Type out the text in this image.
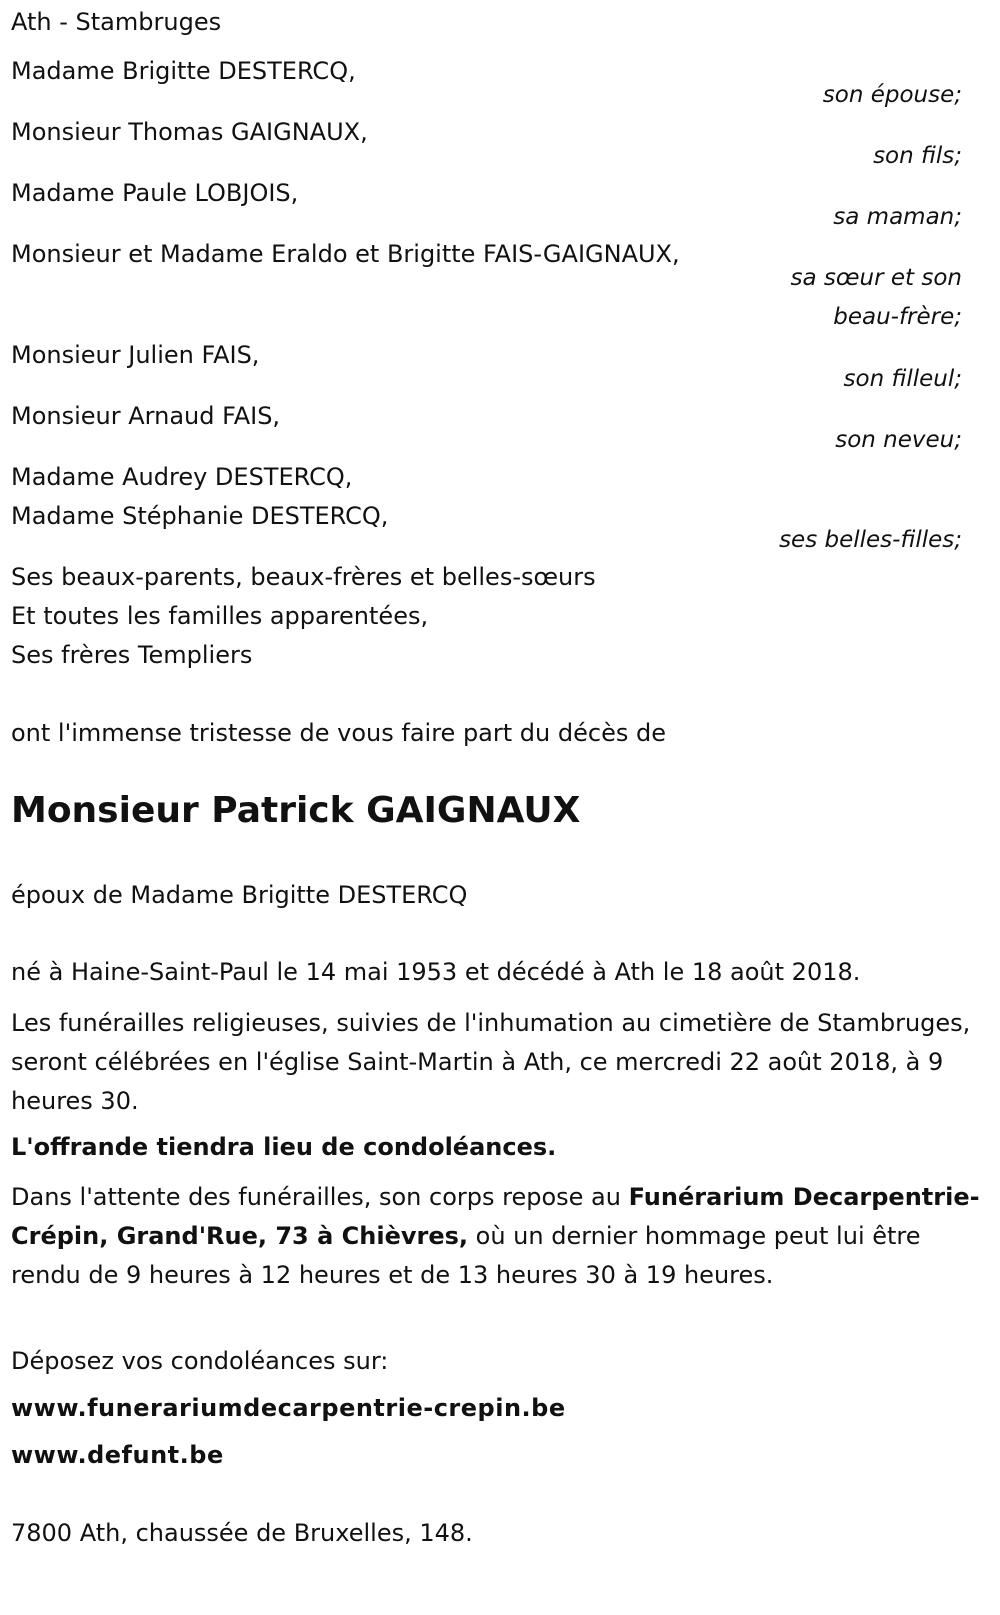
Ath - Stambruges
Madame Brigitte DESTERCQ,
son épouse;
Monsieur Thomas GAIGNAUX,
son fils;
Madame Paule LOBJOIS,
sa maman;
Monsieur et Madame Eraldo et Brigitte FAIS-GAIGNAUX,
sa sœur et son
beau-frère;
Monsieur Julien FAIS,
son filleul;
Monsieur Arnaud FAIS,
son neveu;
Madame Audrey DESTERCQ,
Madame Stéphanie DESTERCQ,
ses belles-filles;
Ses beaux-parents, beaux-frères et belles-sœurs
Et toutes les familles apparentées,
Ses frères Templiers
ont l'immense tristesse de vous faire part du décès de
Monsieur Patrick GAIGNAUX
époux de Madame Brigitte DESTERCQ
né à Haine-Saint-Paul le 14 mai 1953 et décédé à Ath le 18 août 2018.
Les funérailles religieuses, suivies de l'inhumation au cimetière de Stambruges, seront célébrées en l'église Saint-Martin à Ath, ce mercredi 22 août 2018, à 9 heures 30.
L'offrande tiendra lieu de condoléances.
Dans l'attente des funérailles, son corps repose au Funérarium Decarpentrie-Crépin, Grand'Rue, 73 à Chièvres, où un dernier hommage peut lui être rendu de 9 heures à 12 heures et de 13 heures 30 à 19 heures.
Déposez vos condoléances sur:
www.funerariumdecarpentrie-crepin.be
www.defunt.be
7800 Ath, chaussée de Bruxelles, 148.
